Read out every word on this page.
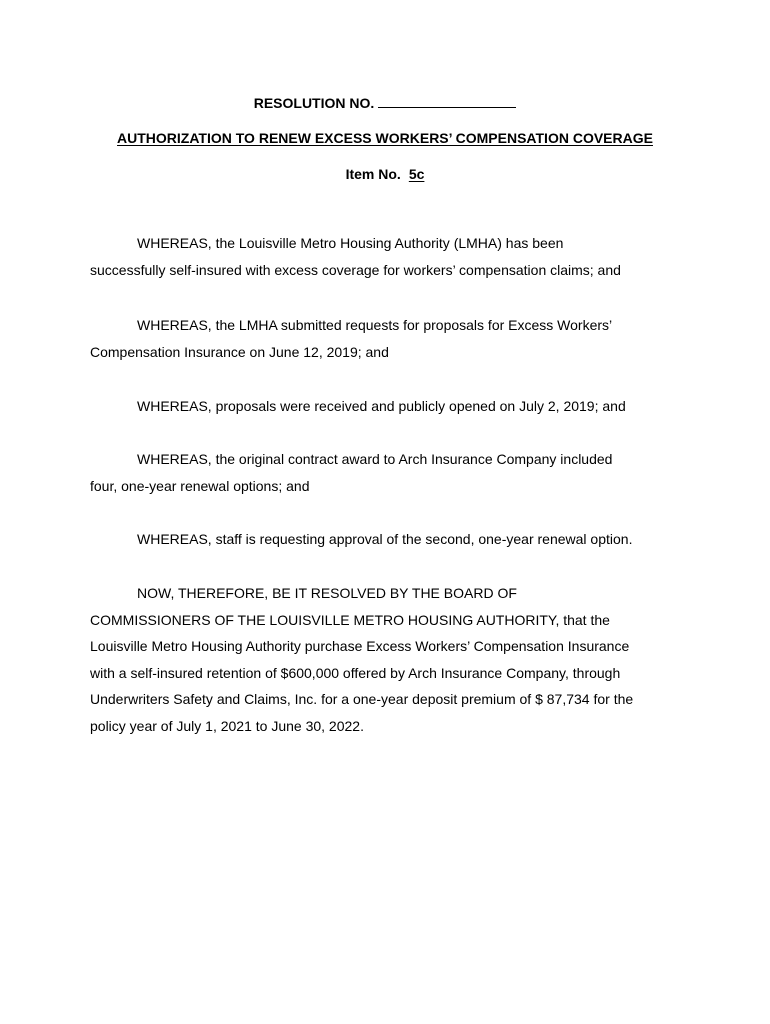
RESOLUTION NO.
AUTHORIZATION TO RENEW EXCESS WORKERS’ COMPENSATION COVERAGE
Item No. 5c

WHEREAS, the Louisville Metro Housing Authority (LMHA) has been
successfully self-insured with excess coverage for workers’ compensation claims; and

WHEREAS, the LMHA submitted requests for proposals for Excess Workers’
Compensation Insurance on June 12, 2019; and

WHEREAS, proposals were received and publicly opened on July 2, 2019; and

WHEREAS, the original contract award to Arch Insurance Company included
four, one-year renewal options; and

WHEREAS, staff is requesting approval of the second, one-year renewal option.

NOW, THEREFORE, BE IT RESOLVED BY THE BOARD OF
COMMISSIONERS OF THE LOUISVILLE METRO HOUSING AUTHORITY, that the
Louisville Metro Housing Authority purchase Excess Workers’ Compensation Insurance
with a self-insured retention of $600,000 offered by Arch Insurance Company, through
Underwriters Safety and Claims, Inc. for a one-year deposit premium of $ 87,734 for the
policy year of July 1, 2021 to June 30, 2022.
